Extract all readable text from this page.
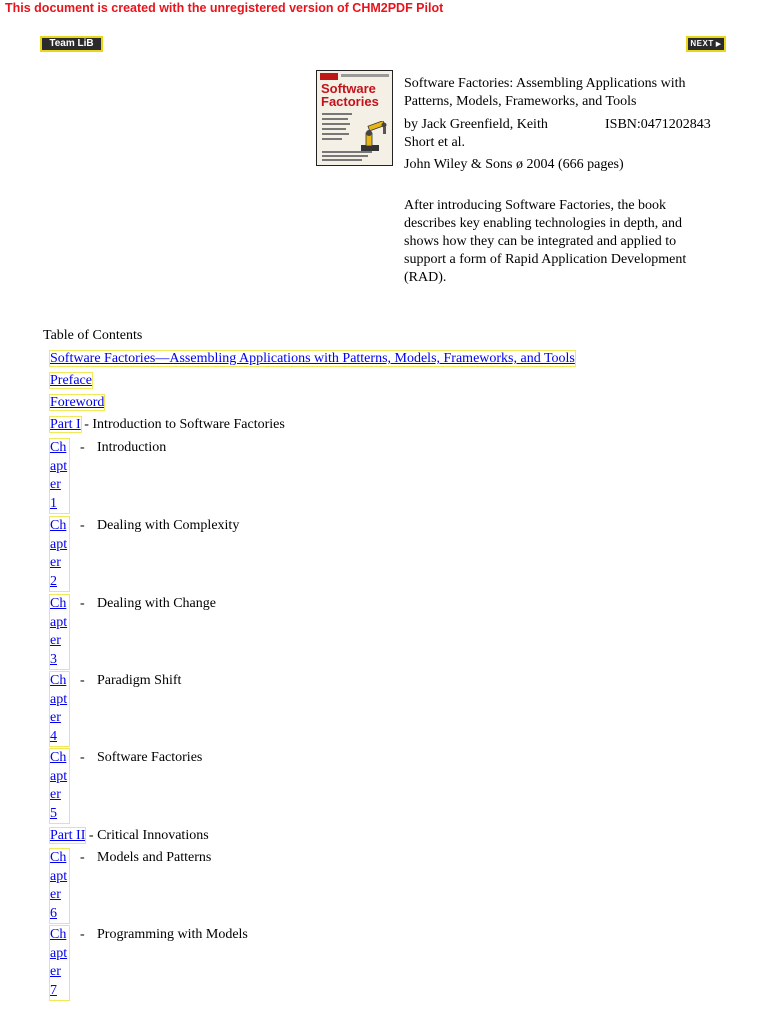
This document is created with the unregistered version of CHM2PDF Pilot
Team LiB	NEXT ▶
Software
Factories
Software Factories: Assembling Applications with Patterns, Models, Frameworks, and Tools
by Jack Greenfield, Keith Short et al.
ISBN:0471202843
John Wiley & Sons ø 2004 (666 pages)
After introducing Software Factories, the book describes key enabling technologies in depth, and shows how they can be integrated and applied to support a form of Rapid Application Development (RAD).
Table of Contents
Software Factories—Assembling Applications with Patterns, Models, Frameworks, and Tools
Preface
Foreword
Part I - Introduction to Software Factories
Chapter 1
- Introduction
Chapter 2
- Dealing with Complexity
Chapter 3
- Dealing with Change
Chapter 4
- Paradigm Shift
Chapter 5
- Software Factories
Part II - Critical Innovations
Chapter 6
- Models and Patterns
Chapter 7
- Programming with Models
